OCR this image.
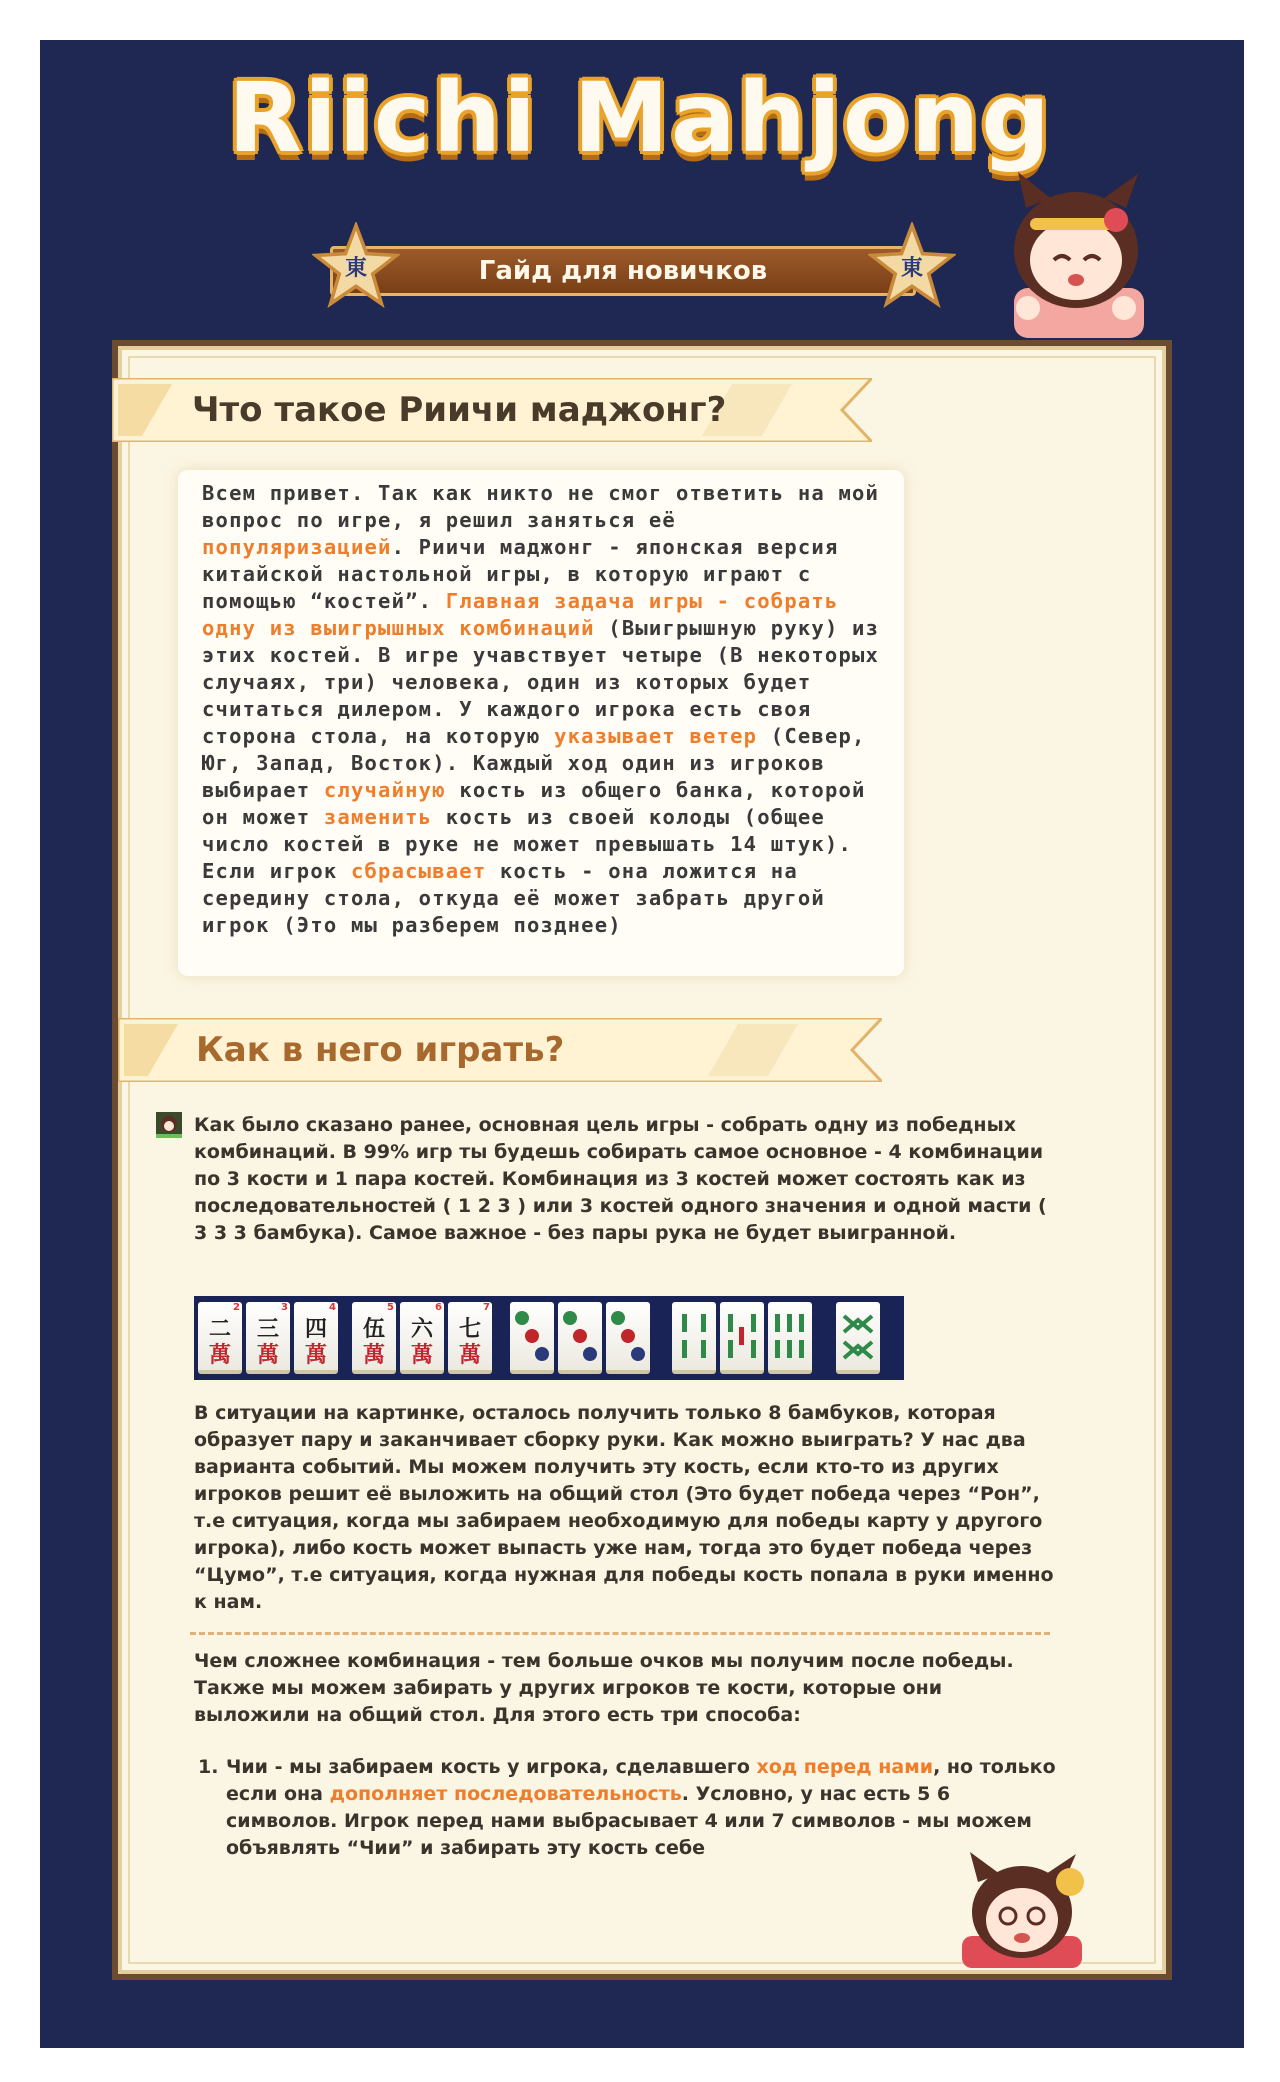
Riichi Mahjong
Гайд для новичков
東	東
Что такое Риичи маджонг?

Всем привет. Так как никто не смог ответить на мой вопрос по игре, я решил заняться её популяризацией. Риичи маджонг - японская версия китайской настольной игры, в которую играют с помощью “костей”. Главная задача игры - собрать одну из выигрышных комбинаций (Выигрышную руку) из этих костей. В игре учавствует четыре (В некоторых случаях, три) человека, один из которых будет считаться дилером. У каждого игрока есть своя сторона стола, на которую указывает ветер (Север, Юг, Запад, Восток). Каждый ход один из игроков выбирает случайную кость из общего банка, которой он может заменить кость из своей колоды (общее число костей в руке не может превышать 14 штук). Если игрок сбрасывает кость - она ложится на середину стола, откуда её может забрать другой игрок (Это мы разберем позднее)

Как в него играть?

Как было сказано ранее, основная цель игры - собрать одну из победных комбинаций. В 99% игр ты будешь собирать самое основное - 4 комбинации по 3 кости и 1 пара костей. Комбинация из 3 костей может состоять как из последовательностей ( 1 2 3 ) или 3 костей одного значения и одной масти ( 3 3 3 бамбука). Самое важное - без пары рука не будет выигранной.

2
二
萬
3
三
萬
4
四
萬
5
伍
萬
6
六
萬
7
七
萬

В ситуации на картинке, осталось получить только 8 бамбуков, которая образует пару и заканчивает сборку руки. Как можно выиграть? У нас два варианта событий. Мы можем получить эту кость, если кто-то из других игроков решит её выложить на общий стол (Это будет победа через “Рон”, т.е ситуация, когда мы забираем необходимую для победы карту у другого игрока), либо кость может выпасть уже нам, тогда это будет победа через “Цумо”, т.е ситуация, когда нужная для победы кость попала в руки именно к нам.

Чем сложнее комбинация - тем больше очков мы получим после победы. Также мы можем забирать у других игроков те кости, которые они выложили на общий стол. Для этого есть три способа:

1. Чии - мы забираем кость у игрока, сделавшего ход перед нами, но только если она дополняет последовательность. Условно, у нас есть 5 6 символов. Игрок перед нами выбрасывает 4 или 7 символов - мы можем объявлять “Чии” и забирать эту кость себе
